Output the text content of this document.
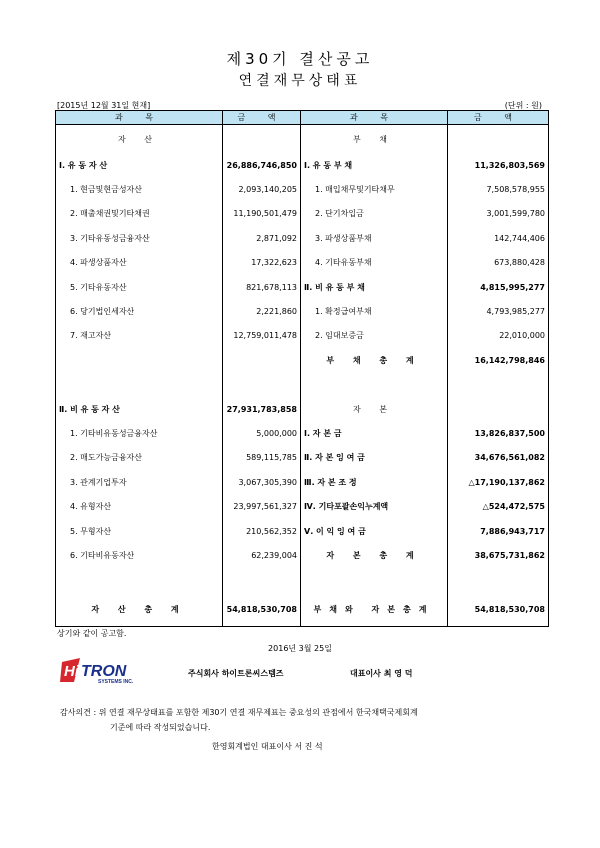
제30기 결산공고
연결재무상태표
[2015년 12월 31일 현재]	(단위 : 원)
과 목	금 액	과 목	금 액
자 산		부 채	
Ⅰ. 유 동 자 산	26,886,746,850	Ⅰ. 유 동 부 채	11,326,803,569
1. 현금및현금성자산	2,093,140,205	1. 매입채무및기타채무	7,508,578,955
2. 매출채권및기타채권	11,190,501,479	2. 단기차입금	3,001,599,780
3. 기타유동성금융자산	2,871,092	3. 파생상품부채	142,744,406
4. 파생상품자산	17,322,623	4. 기타유동부채	673,880,428
5. 기타유동자산	821,678,113	Ⅱ. 비 유 동 부 채	4,815,995,277
6. 당기법인세자산	2,221,860	1. 확정급여부채	4,793,985,277
7. 재고자산	12,759,011,478	2. 임대보증금	22,010,000
		부 채 총 계	16,142,798,846

Ⅱ. 비 유 동 자 산	27,931,783,858	자 본	
1. 기타비유동성금융자산	5,000,000	Ⅰ. 자 본 금	13,826,837,500
2. 매도가능금융자산	589,115,785	Ⅱ. 자 본 잉 여 금	34,676,561,082
3. 관계기업투자	3,067,305,390	Ⅲ. 자 본 조 정	△17,190,137,862
4. 유형자산	23,997,561,327	Ⅳ. 기타포괄손익누계액	△524,472,575
5. 무형자산	210,562,352	Ⅴ. 이 익 잉 여 금	7,886,943,717
6. 기타비유동자산	62,239,004	자 본 총 계	38,675,731,862

자 산 총 계	54,818,530,708	부채와 자본총계	54,818,530,708
상기와 같이 공고함.
2016년 3월 25일
Hi TRON
SYSTEMS INC.
주식회사 하이트론씨스템즈	대표이사 최 영 덕
감사의견 : 위 연결 재무상태표를 포함한 제30기 연결 재무제표는 중요성의 관점에서 한국채택국제회계
기준에 따라 작성되었습니다.
한영회계법인 대표이사 서 진 석
